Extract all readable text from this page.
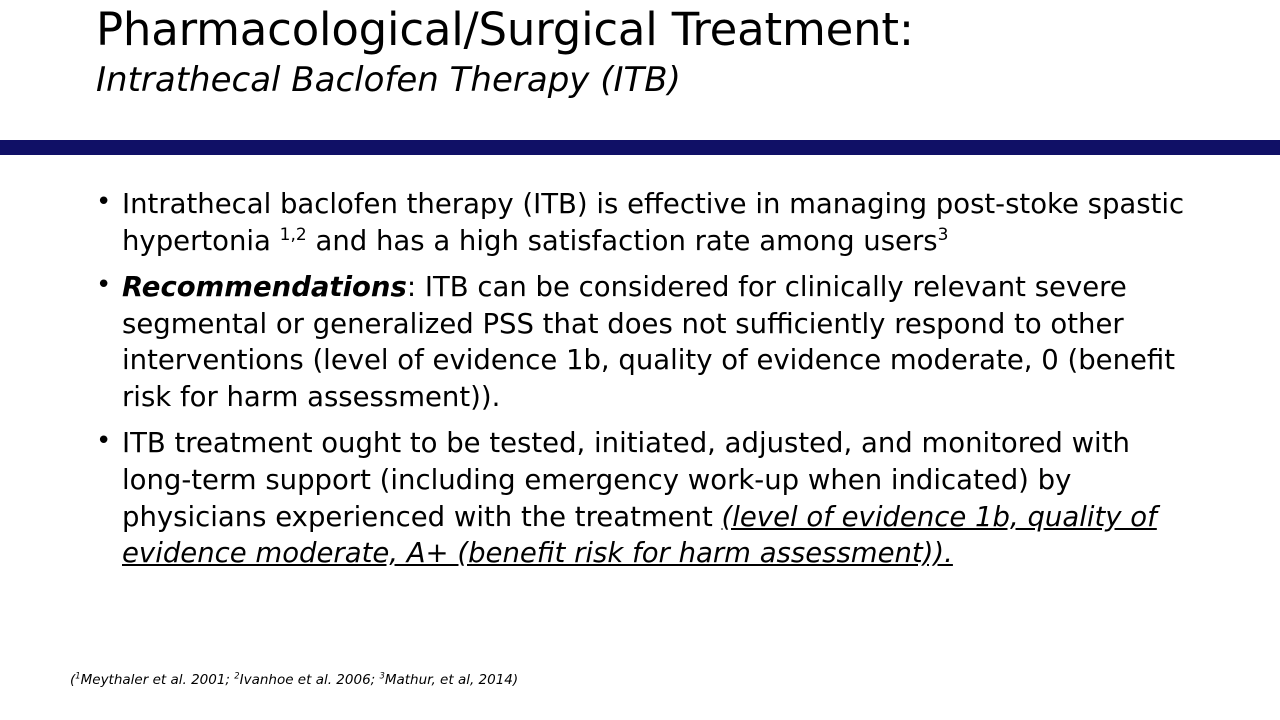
Pharmacological/Surgical Treatment:
Intrathecal Baclofen Therapy (ITB)
• Intrathecal baclofen therapy (ITB) is effective in managing post-stoke spastic hypertonia $^{1,2}$ and has a high satisfaction rate among users$^3$
• Recommendations: ITB can be considered for clinically relevant severe segmental or generalized PSS that does not sufficiently respond to other interventions (level of evidence 1b, quality of evidence moderate, 0 (benefit risk for harm assessment)).
• ITB treatment ought to be tested, initiated, adjusted, and monitored with long-term support (including emergency work-up when indicated) by physicians experienced with the treatment (level of evidence 1b, quality of evidence moderate, A+ (benefit risk for harm assessment)).
($^1$Meythaler et al. 2001; $^2$Ivanhoe et al. 2006; $^3$Mathur, et al, 2014)
